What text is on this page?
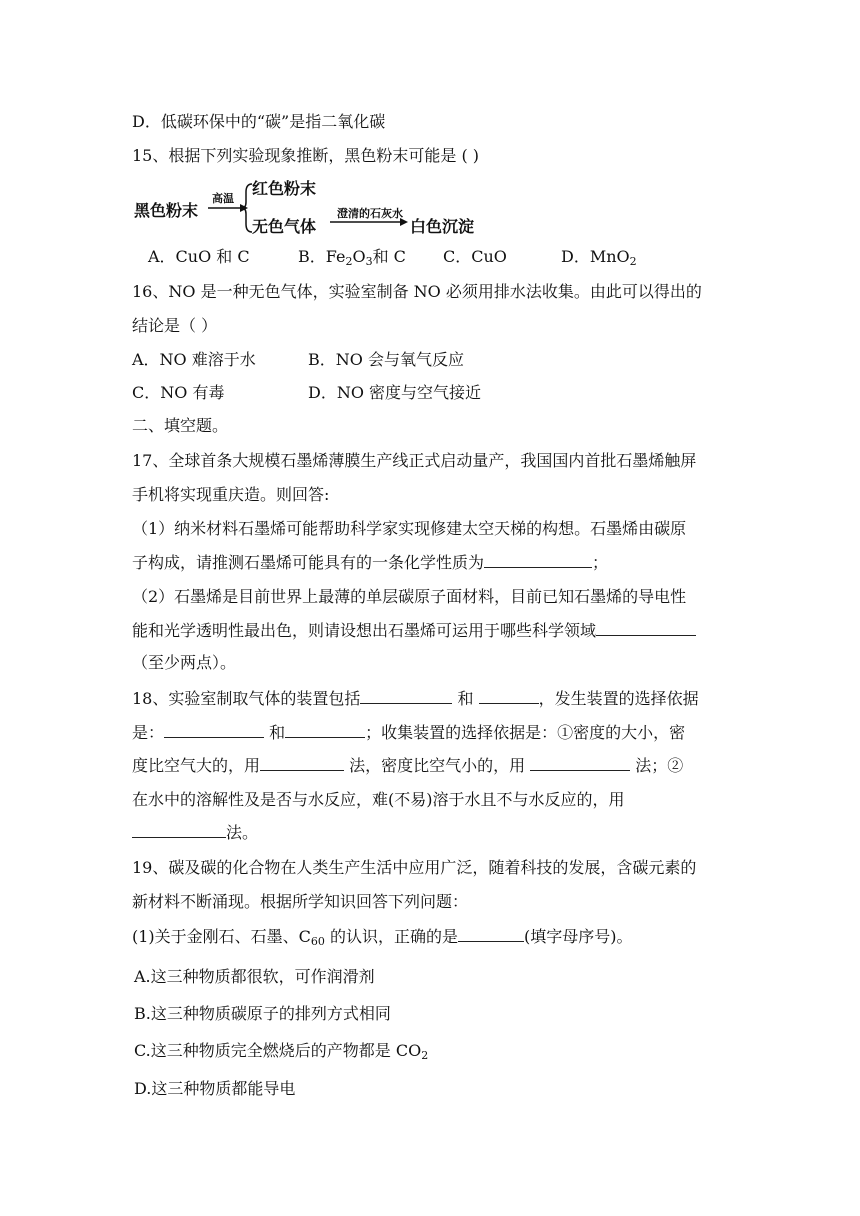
D．低碳环保中的“碳”是指二氧化碳
15、根据下列实验现象推断，黑色粉末可能是 ( )
黑色粉末
高温
红色粉末
无色气体
澄清的石灰水
白色沉淀
A．CuO 和 C	B．$Fe_2O_3$和 C C．CuO	D．MnO$_2$
16、NO 是一种无色气体，实验室制备 NO 必须用排水法收集。由此可以得出的
结论是（ ）
A．NO 难溶于水	B．NO 会与氧气反应
C．NO 有毒	D．NO 密度与空气接近
二、填空题。
17、全球首条大规模石墨烯薄膜生产线正式启动量产，我国国内首批石墨烯触屏
手机将实现重庆造。则回答:
（1）纳米材料石墨烯可能帮助科学家实现修建太空天梯的构想。石墨烯由碳原
子构成，请推测石墨烯可能具有的一条化学性质为	；
（2）石墨烯是目前世界上最薄的单层碳原子面材料，目前已知石墨烯的导电性
能和光学透明性最出色，则请设想出石墨烯可运用于哪些科学领域
（至少两点）。
18、实验室制取气体的装置包括	和	，发生装置的选择依据
是：	和	；收集装置的选择依据是：①密度的大小，密
度比空气大的，用	法，密度比空气小的，用	法；②
在水中的溶解性及是否与水反应，难(不易)溶于水且不与水反应的，用
法。
19、碳及碳的化合物在人类生产生活中应用广泛，随着科技的发展，含碳元素的
新材料不断涌现。根据所学知识回答下列问题：
(1)关于金刚石、石墨、$C_{60}$ 的认识，正确的是	(填字母序号)。
A.这三种物质都很软，可作润滑剂
B.这三种物质碳原子的排列方式相同
C.这三种物质完全燃烧后的产物都是 $CO_2$
D.这三种物质都能导电
